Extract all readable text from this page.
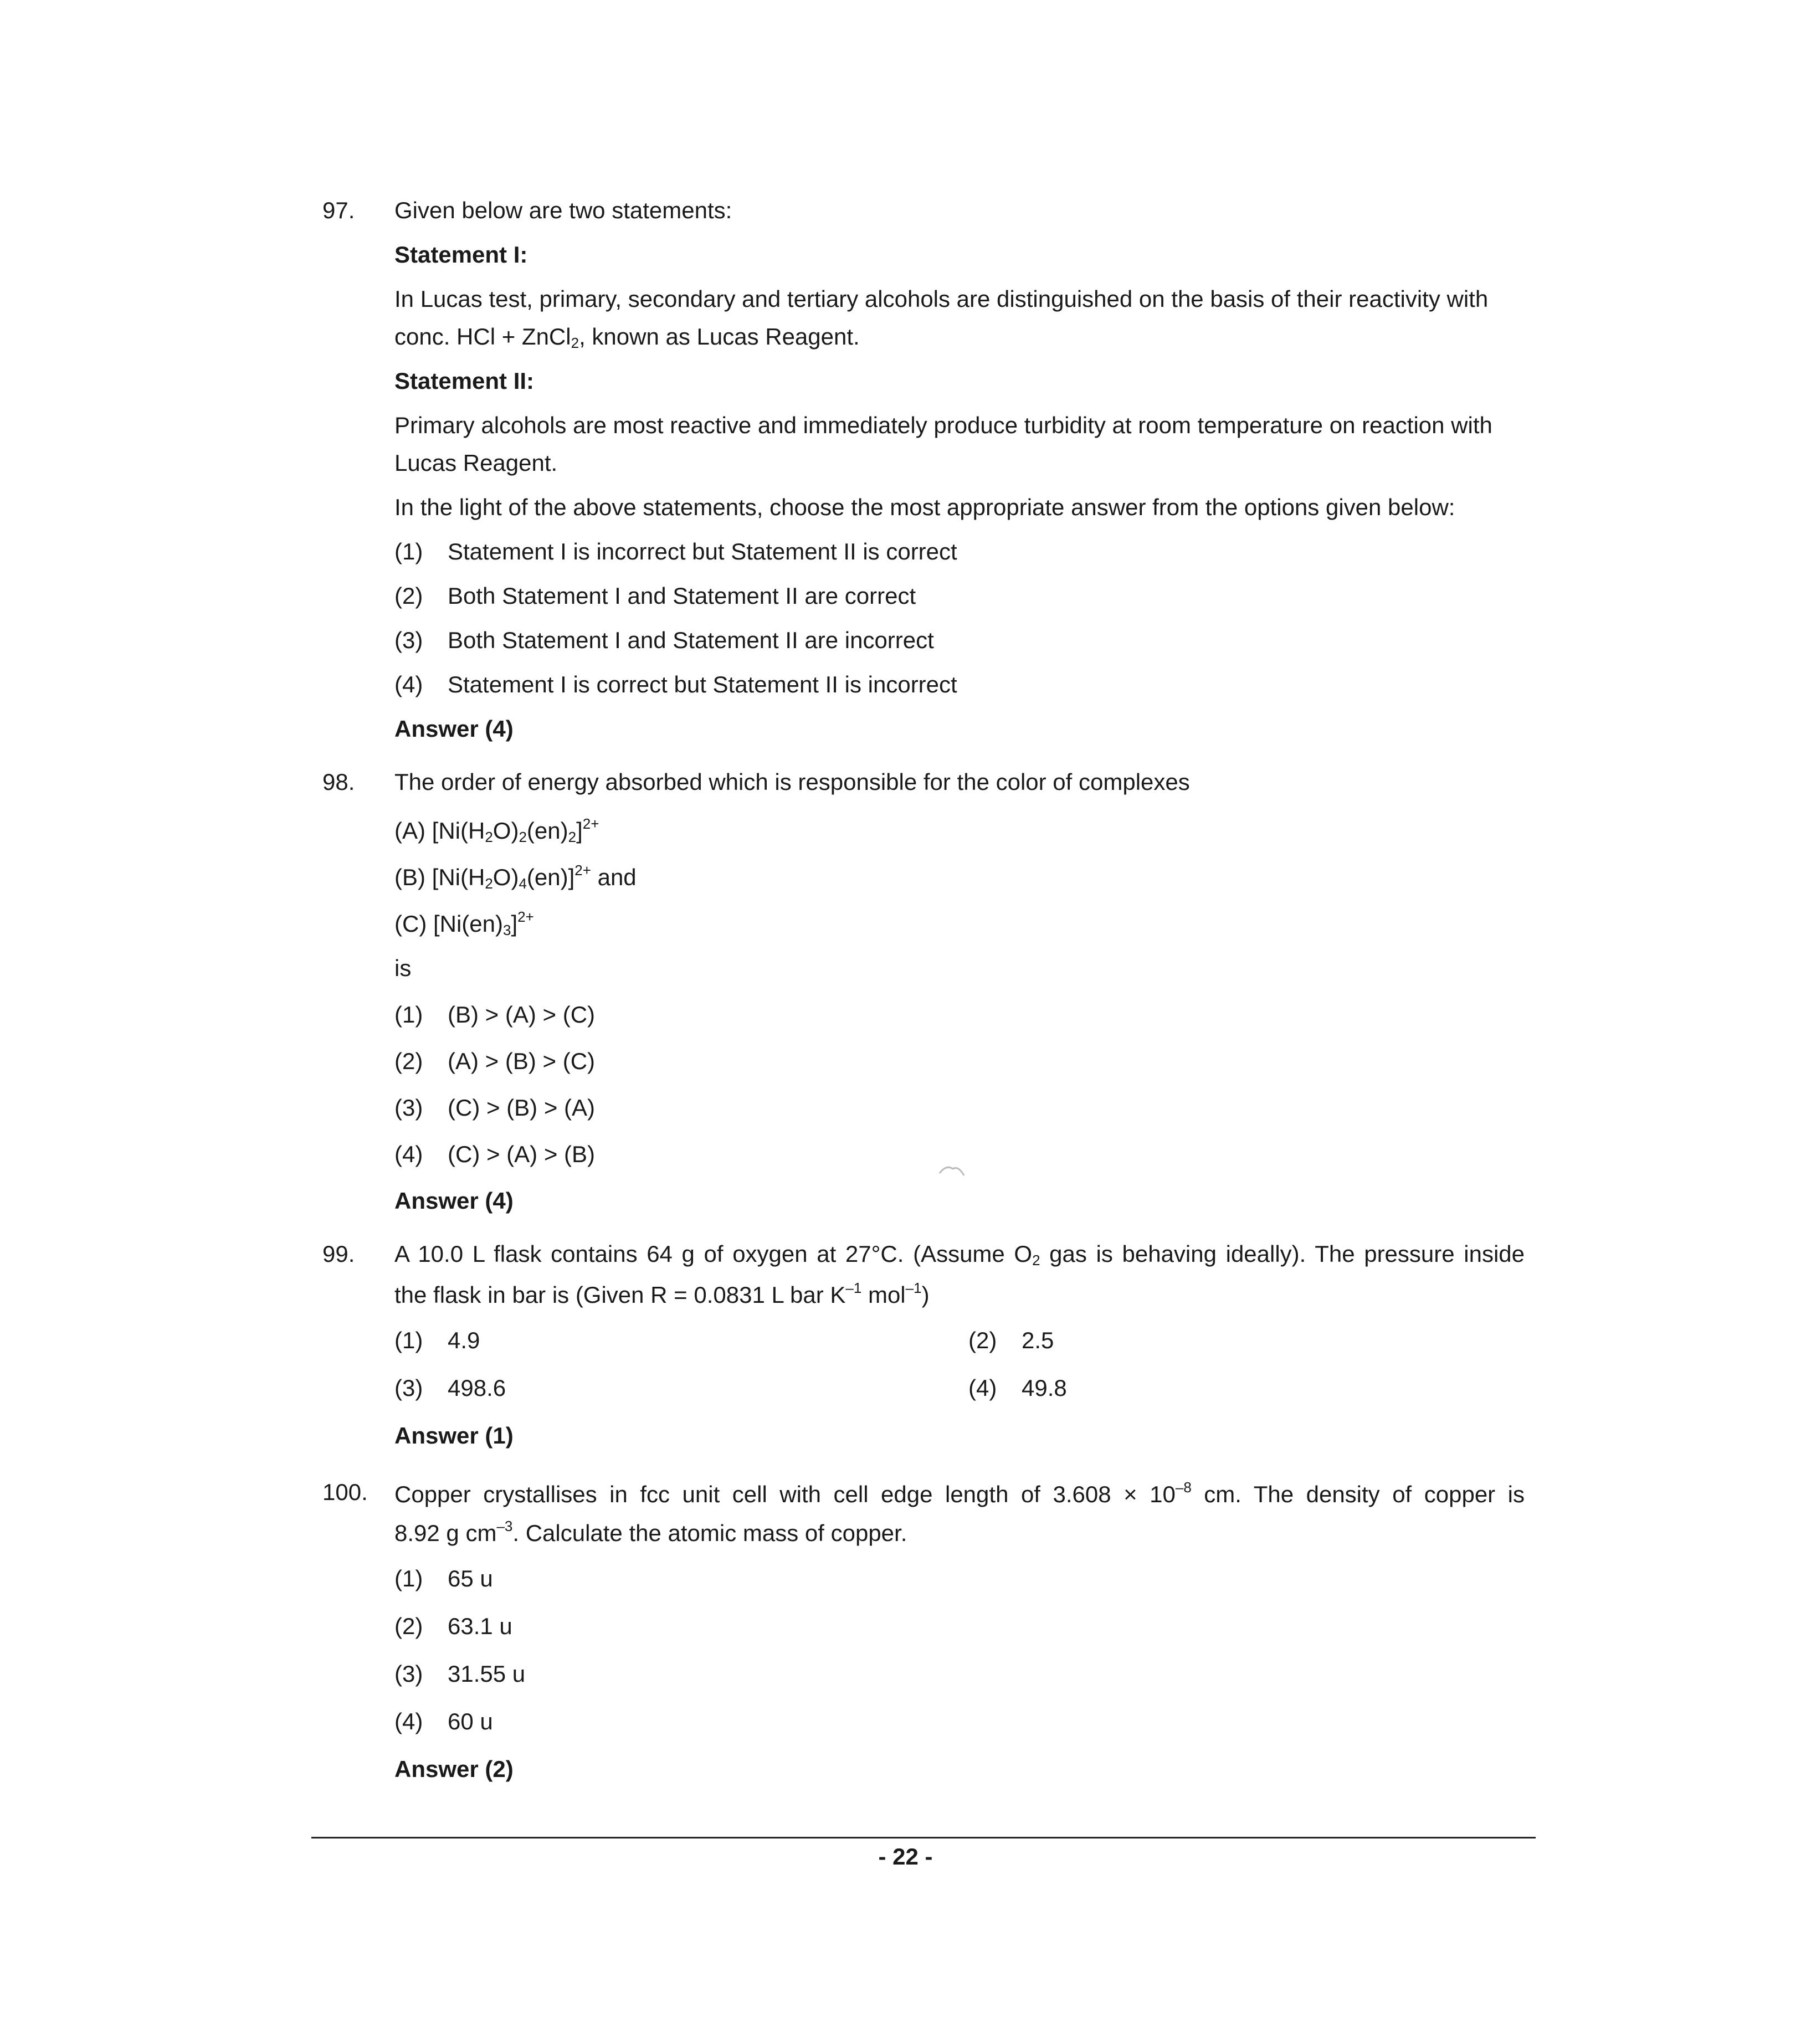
97. Given below are two statements:
Statement I:
In Lucas test, primary, secondary and tertiary alcohols are distinguished on the basis of their reactivity with
conc. HCl + ZnCl$_2$, known as Lucas Reagent.
Statement II:
Primary alcohols are most reactive and immediately produce turbidity at room temperature on reaction with
Lucas Reagent.
In the light of the above statements, choose the most appropriate answer from the options given below:
(1) Statement I is incorrect but Statement II is correct
(2) Both Statement I and Statement II are correct
(3) Both Statement I and Statement II are incorrect
(4) Statement I is correct but Statement II is incorrect
Answer (4)
98. The order of energy absorbed which is responsible for the color of complexes
(A) $[Ni(H_2O)_2(en)_2]^{2+}$
(B) $[Ni(H_2O)_4(en)]^{2+}$ and
(C) $[Ni(en)_3]^{2+}$
is
(1) (B) > (A) > (C)
(2) (A) > (B) > (C)
(3) (C) > (B) > (A)
(4) (C) > (A) > (B)
Answer (4)
99. A 10.0 L flask contains 64 g of oxygen at 27°C. (Assume $O_2$ gas is behaving ideally). The pressure inside
the flask in bar is (Given R = 0.0831 L bar $K^{-1}$ mol$^{-1}$)
(1) 4.9	(2) 2.5
(3) 498.6	(4) 49.8
Answer (1)
100. Copper crystallises in fcc unit cell with cell edge length of $3.608 \times 10^{-8}$ cm. The density of copper is
8.92 g $cm^{-3}$. Calculate the atomic mass of copper.
(1) 65 u
(2) 63.1 u
(3) 31.55 u
(4) 60 u
Answer (2)
- 22 -
